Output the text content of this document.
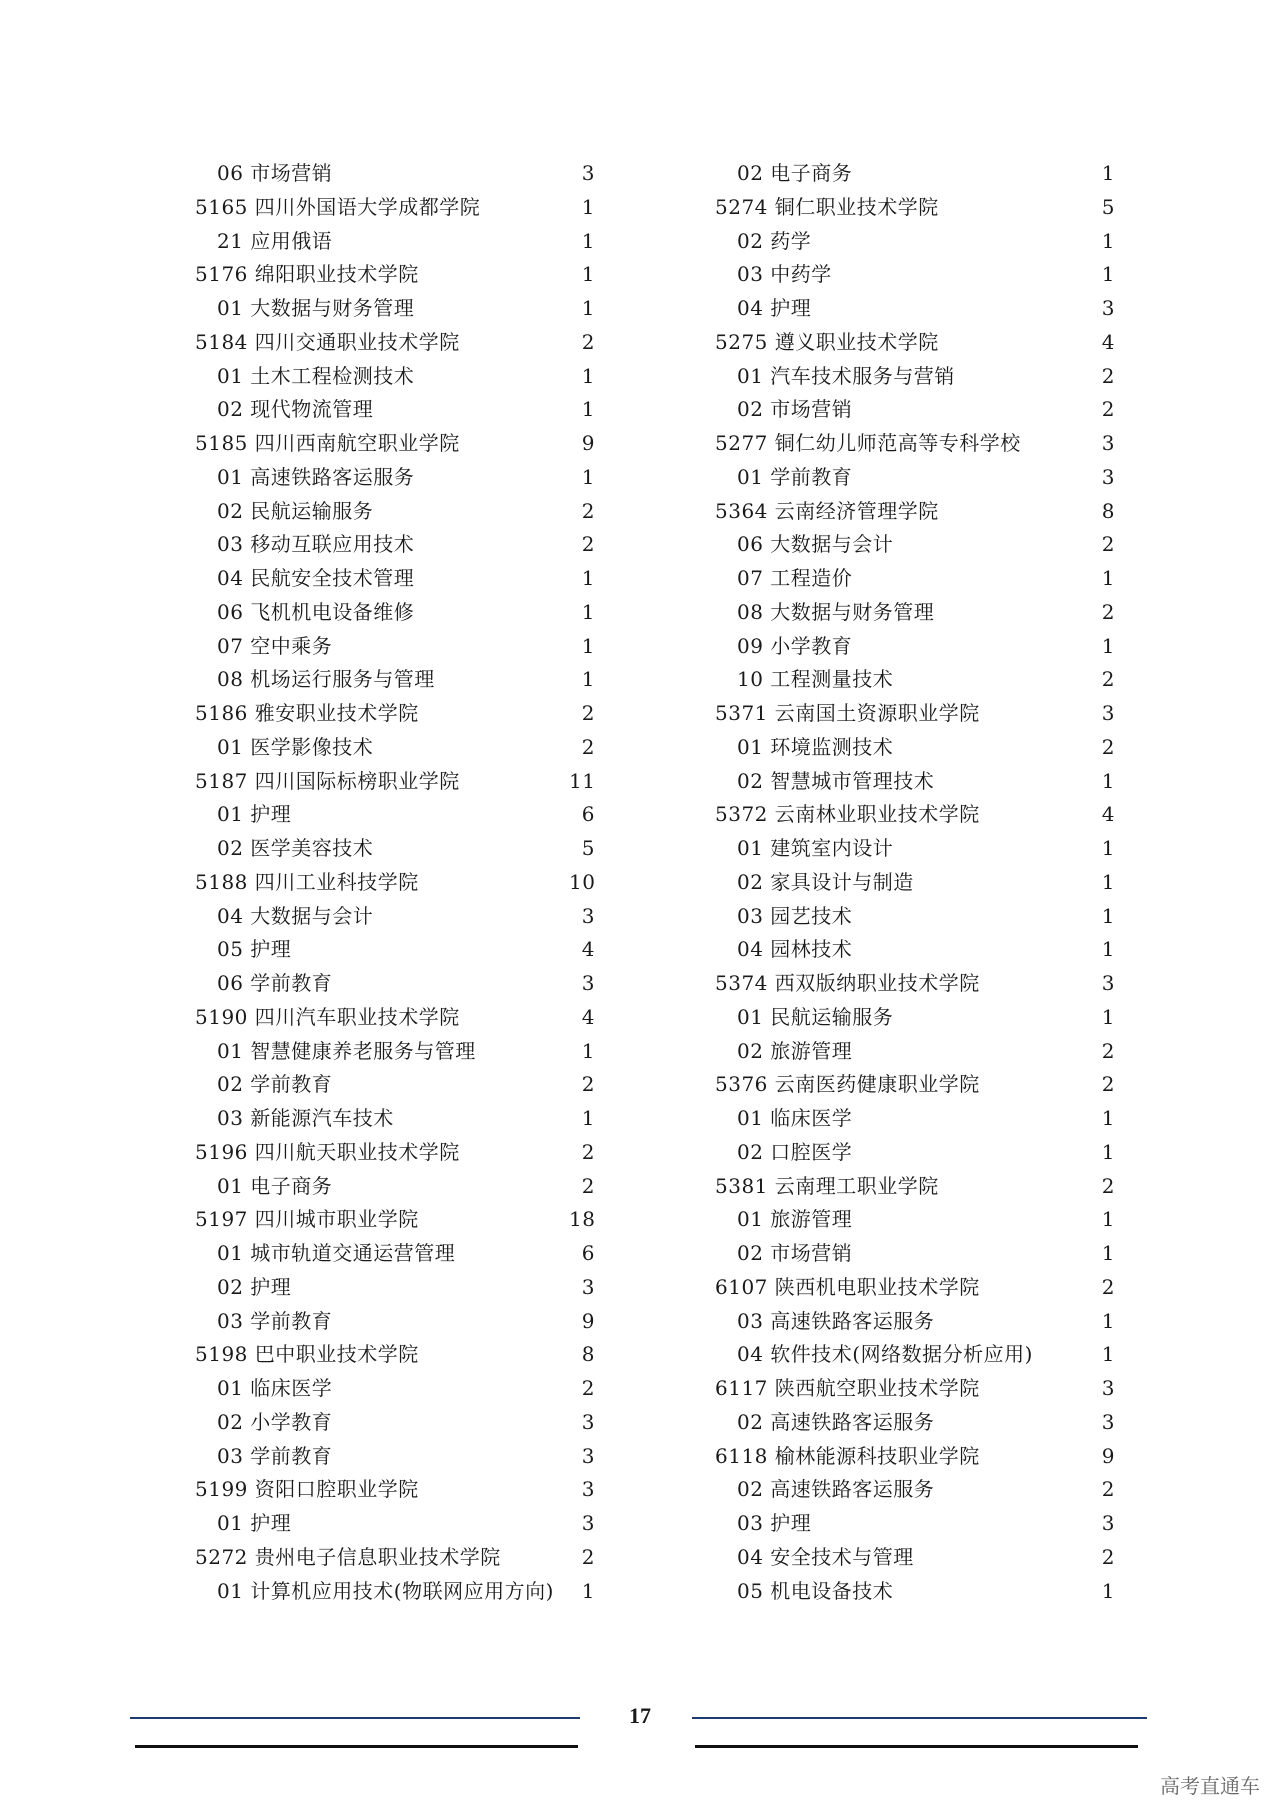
06 市场营销	3
5165 四川外国语大学成都学院	1
21 应用俄语	1
5176 绵阳职业技术学院	1
01 大数据与财务管理	1
5184 四川交通职业技术学院	2
01 土木工程检测技术	1
02 现代物流管理	1
5185 四川西南航空职业学院	9
01 高速铁路客运服务	1
02 民航运输服务	2
03 移动互联应用技术	2
04 民航安全技术管理	1
06 飞机机电设备维修	1
07 空中乘务	1
08 机场运行服务与管理	1
5186 雅安职业技术学院	2
01 医学影像技术	2
5187 四川国际标榜职业学院	11
01 护理	6
02 医学美容技术	5
5188 四川工业科技学院	10
04 大数据与会计	3
05 护理	4
06 学前教育	3
5190 四川汽车职业技术学院	4
01 智慧健康养老服务与管理	1
02 学前教育	2
03 新能源汽车技术	1
5196 四川航天职业技术学院	2
01 电子商务	2
5197 四川城市职业学院	18
01 城市轨道交通运营管理	6
02 护理	3
03 学前教育	9
5198 巴中职业技术学院	8
01 临床医学	2
02 小学教育	3
03 学前教育	3
5199 资阳口腔职业学院	3
01 护理	3
5272 贵州电子信息职业技术学院	2
01 计算机应用技术(物联网应用方向)	1
02 电子商务	1
5274 铜仁职业技术学院	5
02 药学	1
03 中药学	1
04 护理	3
5275 遵义职业技术学院	4
01 汽车技术服务与营销	2
02 市场营销	2
5277 铜仁幼儿师范高等专科学校	3
01 学前教育	3
5364 云南经济管理学院	8
06 大数据与会计	2
07 工程造价	1
08 大数据与财务管理	2
09 小学教育	1
10 工程测量技术	2
5371 云南国土资源职业学院	3
01 环境监测技术	2
02 智慧城市管理技术	1
5372 云南林业职业技术学院	4
01 建筑室内设计	1
02 家具设计与制造	1
03 园艺技术	1
04 园林技术	1
5374 西双版纳职业技术学院	3
01 民航运输服务	1
02 旅游管理	2
5376 云南医药健康职业学院	2
01 临床医学	1
02 口腔医学	1
5381 云南理工职业学院	2
01 旅游管理	1
02 市场营销	1
6107 陕西机电职业技术学院	2
03 高速铁路客运服务	1
04 软件技术(网络数据分析应用)	1
6117 陕西航空职业技术学院	3
02 高速铁路客运服务	3
6118 榆林能源科技职业学院	9
02 高速铁路客运服务	2
03 护理	3
04 安全技术与管理	2
05 机电设备技术	1
17
高考直通车
